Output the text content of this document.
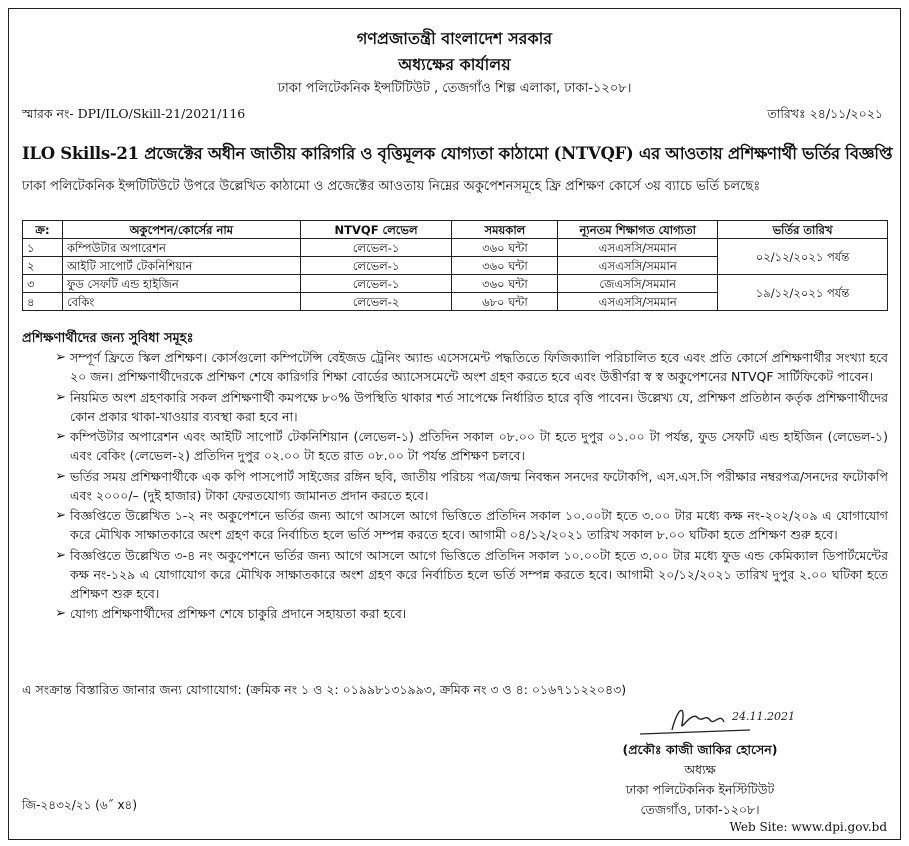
গণপ্রজাতন্ত্রী বাংলাদেশ সরকার
অধ্যক্ষের কার্যালয়
ঢাকা পলিটেকনিক ইন্সটিটিউট , তেজগাঁও শিল্প এলাকা, ঢাকা-১২০৮।
স্মারক নং- DPI/ILO/Skill-21/2021/116	তারিখঃ ২৪/১১/২০২১
ILO Skills-21 প্রজেক্টের অধীন জাতীয় কারিগরি ও বৃত্তিমূলক যোগ্যতা কাঠামো (NTVQF) এর আওতায় প্রশিক্ষণার্থী ভর্তির বিজ্ঞপ্তি
ঢাকা পলিটেকনিক ইন্সটিটিউটে উপরে উল্লেখিত কাঠামো ও প্রজেক্টের আওতায় নিম্নের অকুপেশনসমূহে ফ্রি প্রশিক্ষণ কোর্সে ৩য় ব্যাচে ভর্তি চলছেঃ
ক্র:	অকুপেশন/কোর্সের নাম	NTVQF লেভেল	সময়কাল	ন্যূনতম শিক্ষাগত যোগ্যতা	ভর্তির তারিখ
১	কম্পিউটার অপারেশন	লেভেল-১	৩৬০ ঘন্টা	এসএসসি/সমমান	০২/১২/২০২১ পর্যন্ত
২	আইটি সাপোর্ট টেকনিশিয়ান	লেভেল-১	৩৬০ ঘন্টা	এসএসসি/সমমান	
৩	ফুড সেফটি এন্ড হাইজিন	লেভেল-১	৩৬০ ঘন্টা	জেএসসি/সমমান	১৯/১২/২০২১ পর্যন্ত
৪	বেকিং	লেভেল-২	৬৮০ ঘন্টা	এসএসসি/সমমান	
প্রশিক্ষণার্থীদের জন্য সুবিধা সমূহঃ
➢ সম্পূর্ণ ফ্রিতে স্কিল প্রশিক্ষণ। কোর্সগুলো কম্পিটেন্সি বেইজড ট্রেনিং অ্যান্ড এসেসমেন্ট পদ্ধতিতে ফিজিক্যালি পরিচালিত হবে এবং প্রতি কোর্সে প্রশিক্ষণার্থীর সংখ্যা হবে ২০ জন। প্রশিক্ষণার্থীদেরকে প্রশিক্ষণ শেষে কারিগরি শিক্ষা বোর্ডের অ্যাসেসমেন্টে অংশ গ্রহণ করতে হবে এবং উত্তীর্ণরা স্ব স্ব অকুপেশনের NTVQF সার্টিফিকেট পাবেন।
➢ নিয়মিত অংশ গ্রহণকারি সকল প্রশিক্ষণার্থী কমপক্ষে ৮০% উপস্থিতি থাকার শর্ত সাপেক্ষে নির্ধারিত হারে বৃত্তি পাবেন। উল্লেখ্য যে, প্রশিক্ষণ প্রতিষ্ঠান কর্তৃক প্রশিক্ষণার্থীদের কোন প্রকার থাকা-খাওয়ার ব্যবস্থা করা হবে না।
➢ কম্পিউটার অপারেশন এবং আইটি সাপোর্ট টেকনিশিয়ান (লেভেল-১) প্রতিদিন সকাল ০৮.০০ টা হতে দুপুর ০১.০০ টা পর্যন্ত, ফুড সেফটি এন্ড হাইজিন (লেভেল-১) এবং বেকিং (লেভেল-২) প্রতিদিন দুপুর ০২.০০ টা হতে রাত ০৮.০০ টা পর্যন্ত প্রশিক্ষণ চলবে।
➢ ভর্তির সময় প্রশিক্ষণার্থীকে এক কপি পাসপোর্ট সাইজের রঙ্গিন ছবি, জাতীয় পরিচয় পত্র/জন্ম নিবন্ধন সনদের ফটোকপি, এস.এস.সি পরীক্ষার নম্বরপত্র/সনদের ফটোকপি এবং ২০০০/– (দুই হাজার) টাকা ফেরতযোগ্য জামানত প্রদান করতে হবে।
➢ বিজ্ঞপ্তিতে উল্লেখিত ১-২ নং অকুপেশনে ভর্তির জন্য আগে আসলে আগে ভিত্তিতে প্রতিদিন সকাল ১০.০০টা হতে ৩.০০ টার মধ্যে কক্ষ নং-২০২/২০৯ এ যোগাযোগ করে মৌখিক সাক্ষাতকারে অংশ গ্রহণ করে নির্বাচিত হলে ভর্তি সম্পন্ন করতে হবে। আগামী ০৪/১২/২০২১ তারিখ সকাল ৮.০০ ঘটিকা হতে প্রশিক্ষণ শুরু হবে।
➢ বিজ্ঞপ্তিতে উল্লেখিত ৩-৪ নং অকুপেশনে ভর্তির জন্য আগে আসলে আগে ভিত্তিতে প্রতিদিন সকাল ১০.০০টা হতে ৩.০০ টার মধ্যে ফুড এন্ড কেমিক্যাল ডিপার্টমেন্টের কক্ষ নং-১২৯ এ যোগাযোগ করে মৌখিক সাক্ষাতকারে অংশ গ্রহণ করে নির্বাচিত হলে ভর্তি সম্পন্ন করতে হবে। আগামী ২০/১২/২০২১ তারিখ দুপুর ২.০০ ঘটিকা হতে প্রশিক্ষণ শুরু হবে।
➢ যোগ্য প্রশিক্ষণার্থীদের প্রশিক্ষণ শেষে চাকুরি প্রদানে সহায়তা করা হবে।
এ সংক্রান্ত বিস্তারিত জানার জন্য যোগাযোগ: (ক্রমিক নং ১ ও ২: ০১৯৯৮১৩১৯৯৩, ক্রমিক নং ৩ ও ৪: ০১৬৭১১২২০৪৩)
24.11.2021
(প্রকৌঃ কাজী জাকির হোসেন)
অধ্যক্ষ
ঢাকা পলিটেকনিক ইনস্টিটিউট
তেজগাঁও, ঢাকা-১২০৮।
জি-২৪৩২/২১ (৬˝ x৪)
Web Site: www.dpi.gov.bd
